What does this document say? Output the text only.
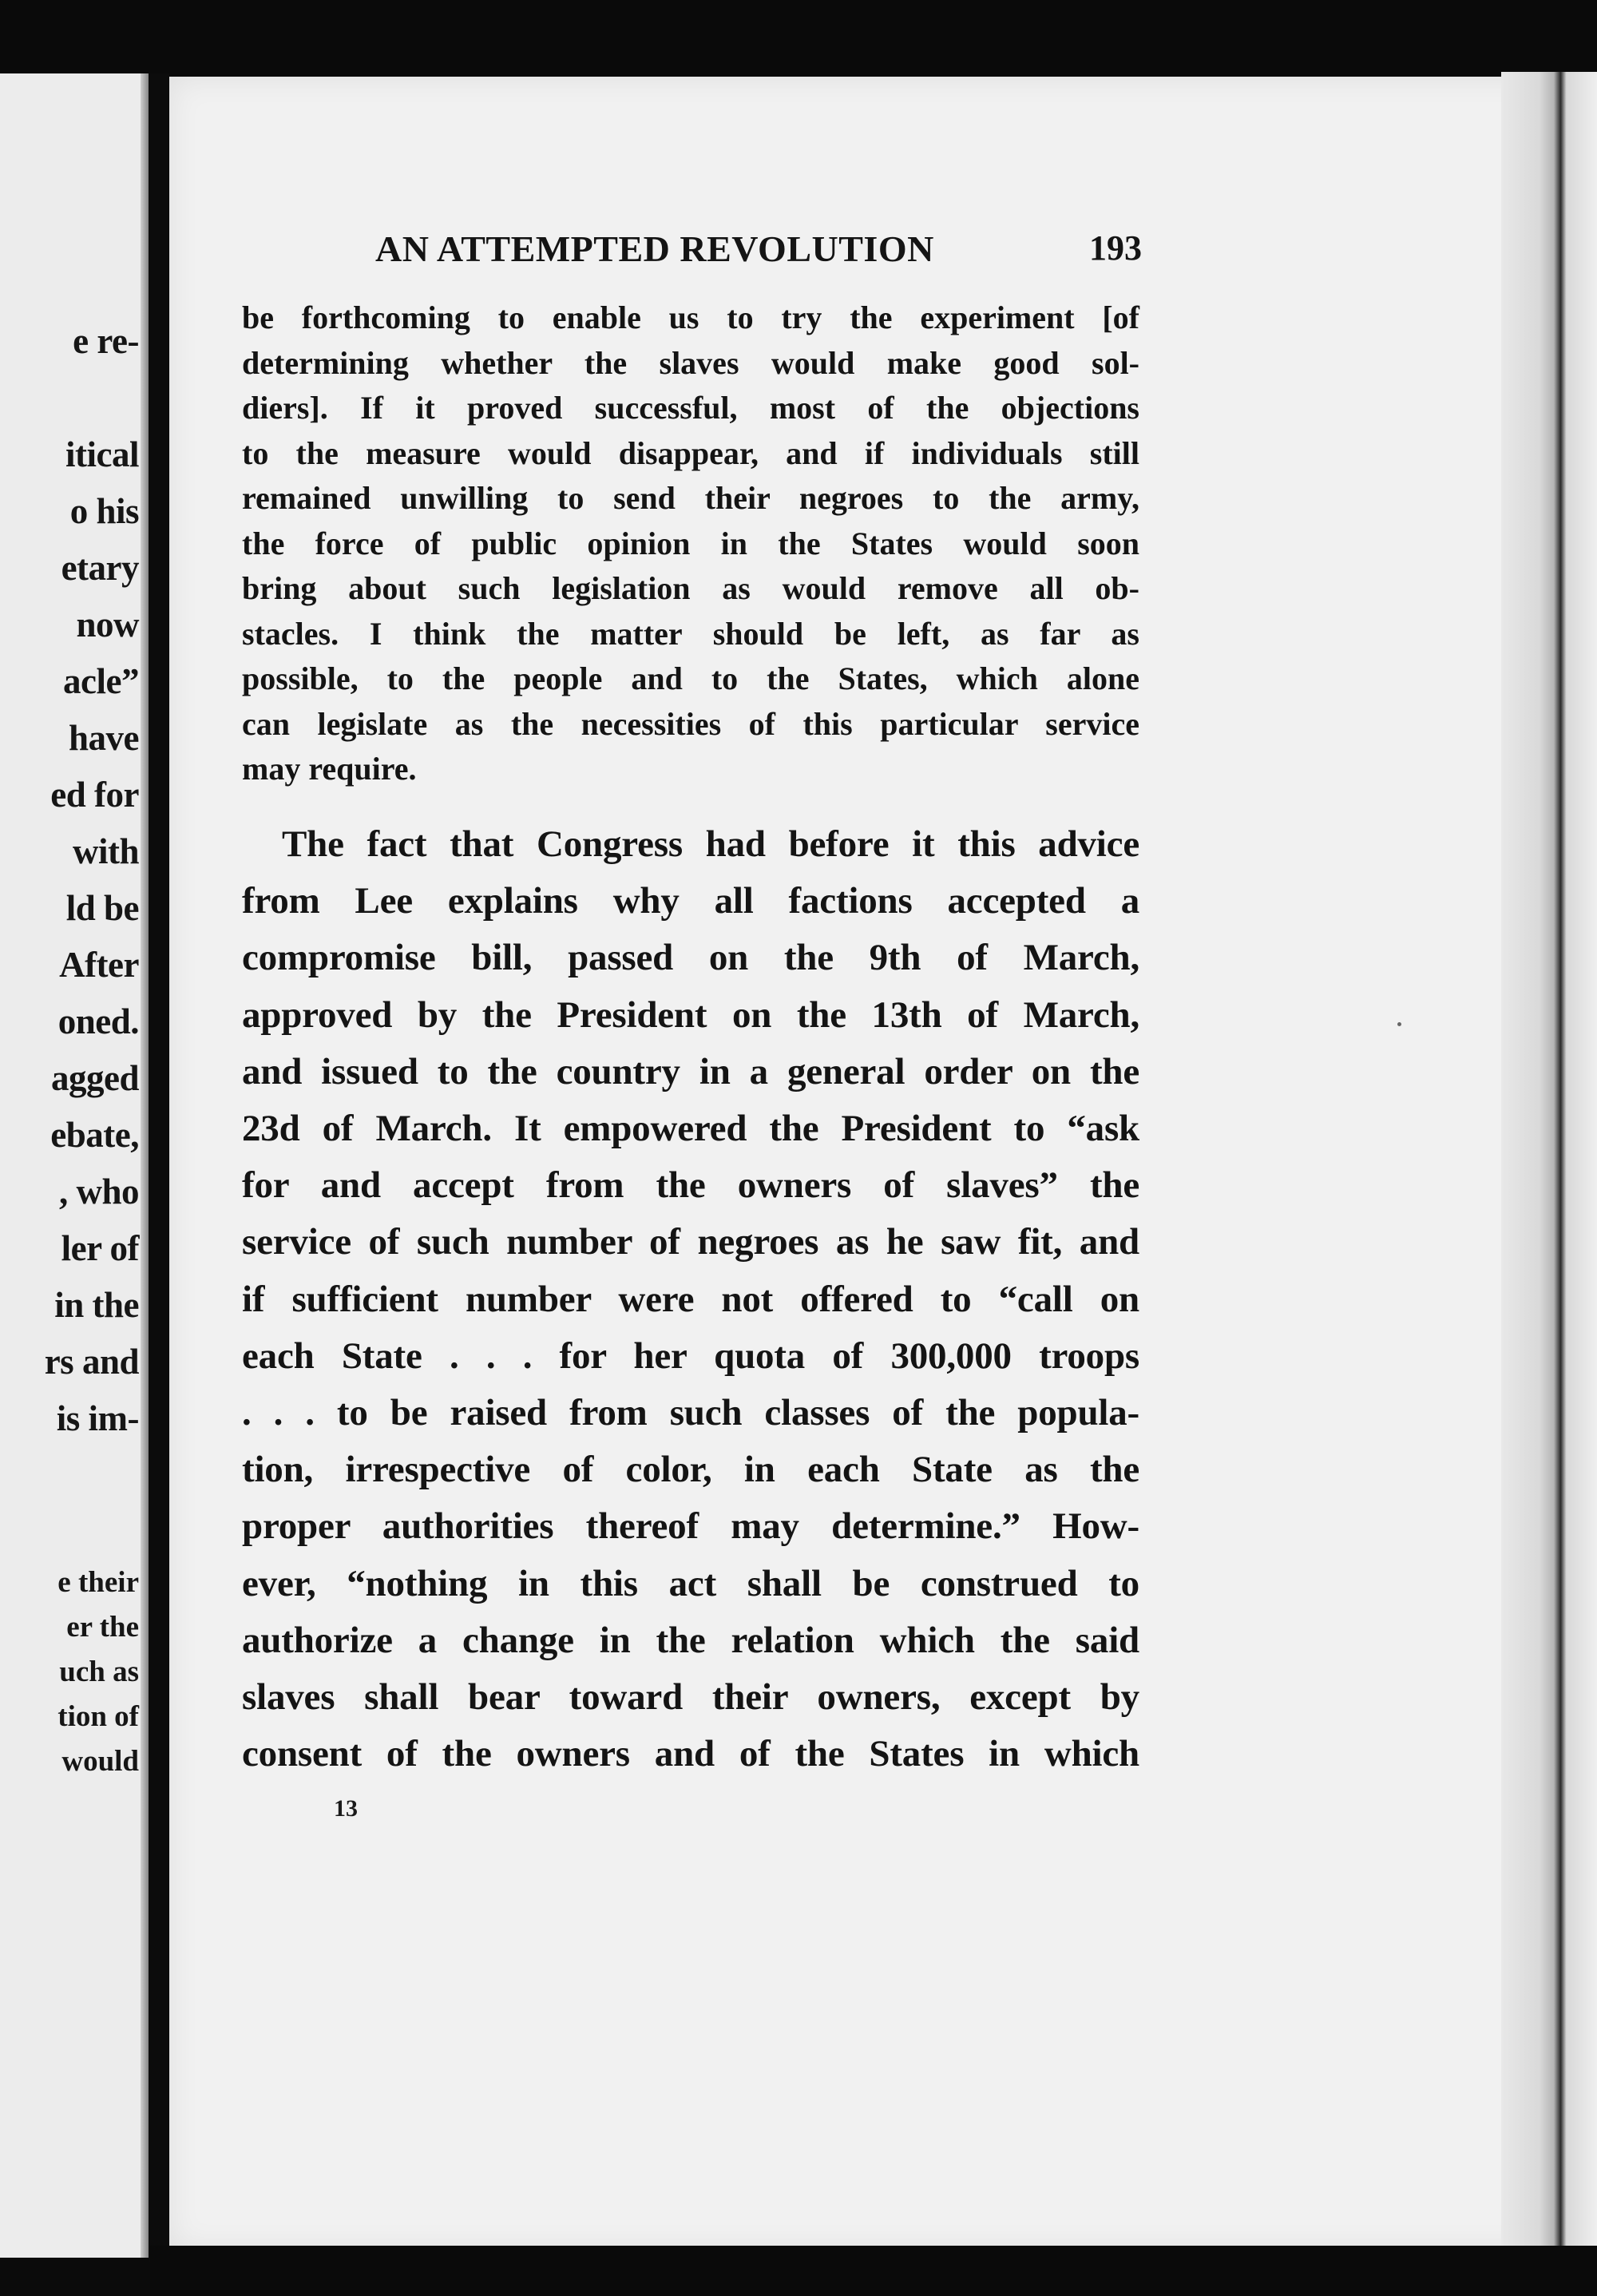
e re-
itical
o his
etary
now
acle”
have
ed for
with
ld be
After
oned.
agged
ebate,
, who
ler of
in the
rs and
is im-
e their
er the
uch as
tion of
would
AN ATTEMPTED REVOLUTION	193
be forthcoming to enable us to try the experiment [of
determining whether the slaves would make good sol-
diers]. If it proved successful, most of the objections
to the measure would disappear, and if individuals still
remained unwilling to send their negroes to the army,
the force of public opinion in the States would soon
bring about such legislation as would remove all ob-
stacles. I think the matter should be left, as far as
possible, to the people and to the States, which alone
can legislate as the necessities of this particular service
may require.
The fact that Congress had before it this advice
from Lee explains why all factions accepted a
compromise bill, passed on the 9th of March,
approved by the President on the 13th of March,
and issued to the country in a general order on the
23d of March. It empowered the President to “ask
for and accept from the owners of slaves” the
service of such number of negroes as he saw fit, and
if sufficient number were not offered to “call on
each State . . . for her quota of 300,000 troops
. . . to be raised from such classes of the popula-
tion, irrespective of color, in each State as the
proper authorities thereof may determine.” How-
ever, “nothing in this act shall be construed to
authorize a change in the relation which the said
slaves shall bear toward their owners, except by
consent of the owners and of the States in which
13
